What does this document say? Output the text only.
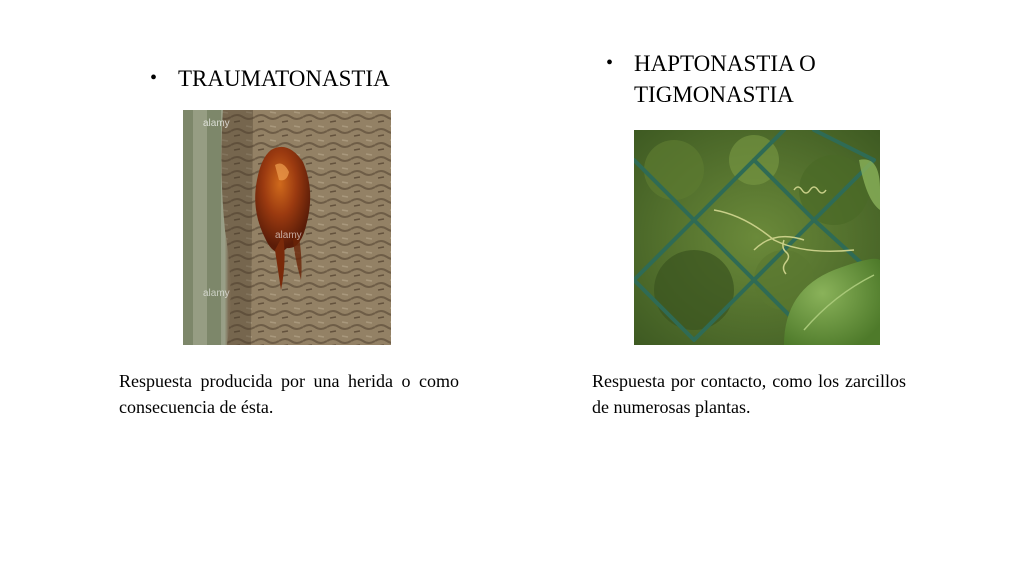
• TRAUMATONASTIA
• HAPTONASTIA O
TIGMONASTIA
alamy
alamy
alamy
Respuesta producida por una herida o como consecuencia de ésta.
Respuesta por contacto, como los zarcillos de numerosas plantas.
